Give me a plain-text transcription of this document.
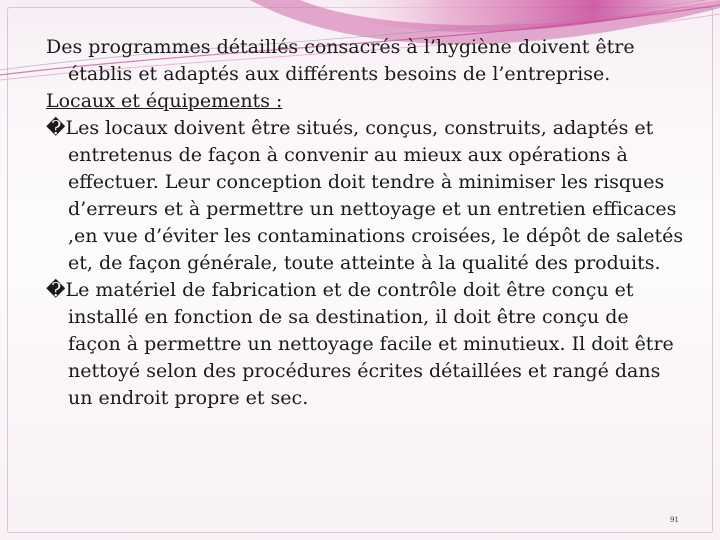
Des programmes détaillés consacrés à l’hygiène doivent être établis et adaptés aux différents besoins de l’entreprise.

Locaux et équipements :

�Les locaux doivent être situés, conçus, construits, adaptés et entretenus de façon à convenir au mieux aux opérations à effectuer. Leur conception doit tendre à minimiser les risques d’erreurs et à permettre un nettoyage et un entretien efficaces ,en vue d’éviter les contaminations croisées, le dépôt de saletés et, de façon générale, toute atteinte à la qualité des produits.

�Le matériel de fabrication et de contrôle doit être conçu et installé en fonction de sa destination, il doit être conçu de façon à permettre un nettoyage facile et minutieux. Il doit être nettoyé selon des procédures écrites détaillées et rangé dans un endroit propre et sec.

91
